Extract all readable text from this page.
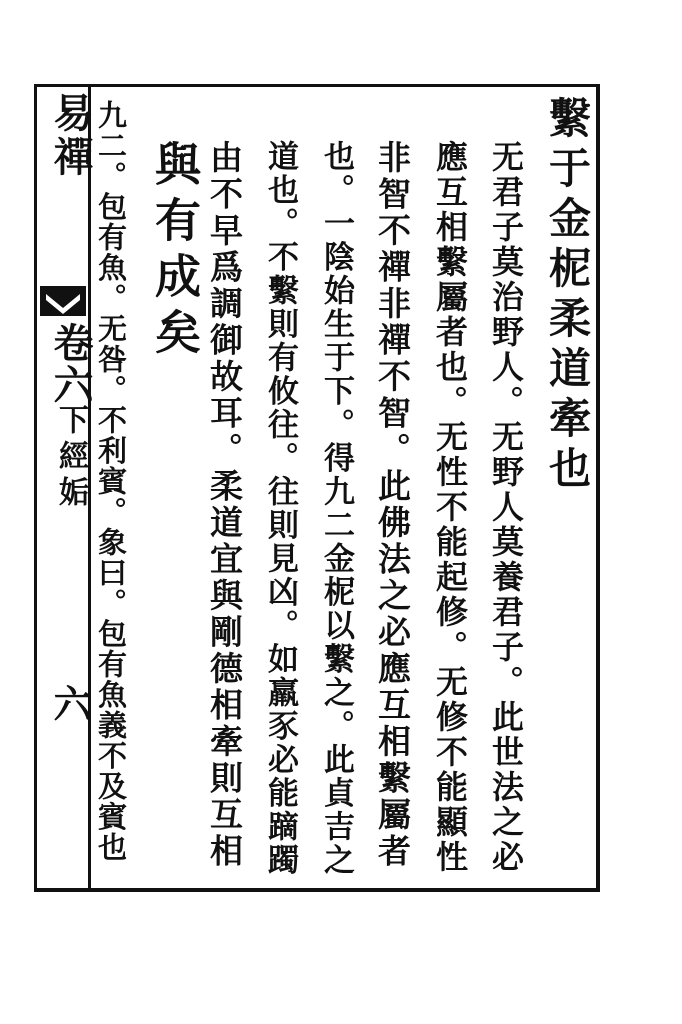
易禪
卷六
下經姤
六
繫于金柅柔道牽也
无君子莫治野人。无野人莫養君子。此世法之必
應互相繫屬者也。无性不能起修。无修不能顯性
非智不禪非禪不智。此佛法之必應互相繫屬者
也。一陰始生于下。得九二金柅以繫之。此貞吉之
道也。不繫則有攸往。往則見凶。如羸豕必能蹢躅
由不早爲調御故耳。柔道宜與剛德相牽則互相
與有成矣
九二。包有魚。无咎。不利賓。象曰。包有魚義不及賓也
